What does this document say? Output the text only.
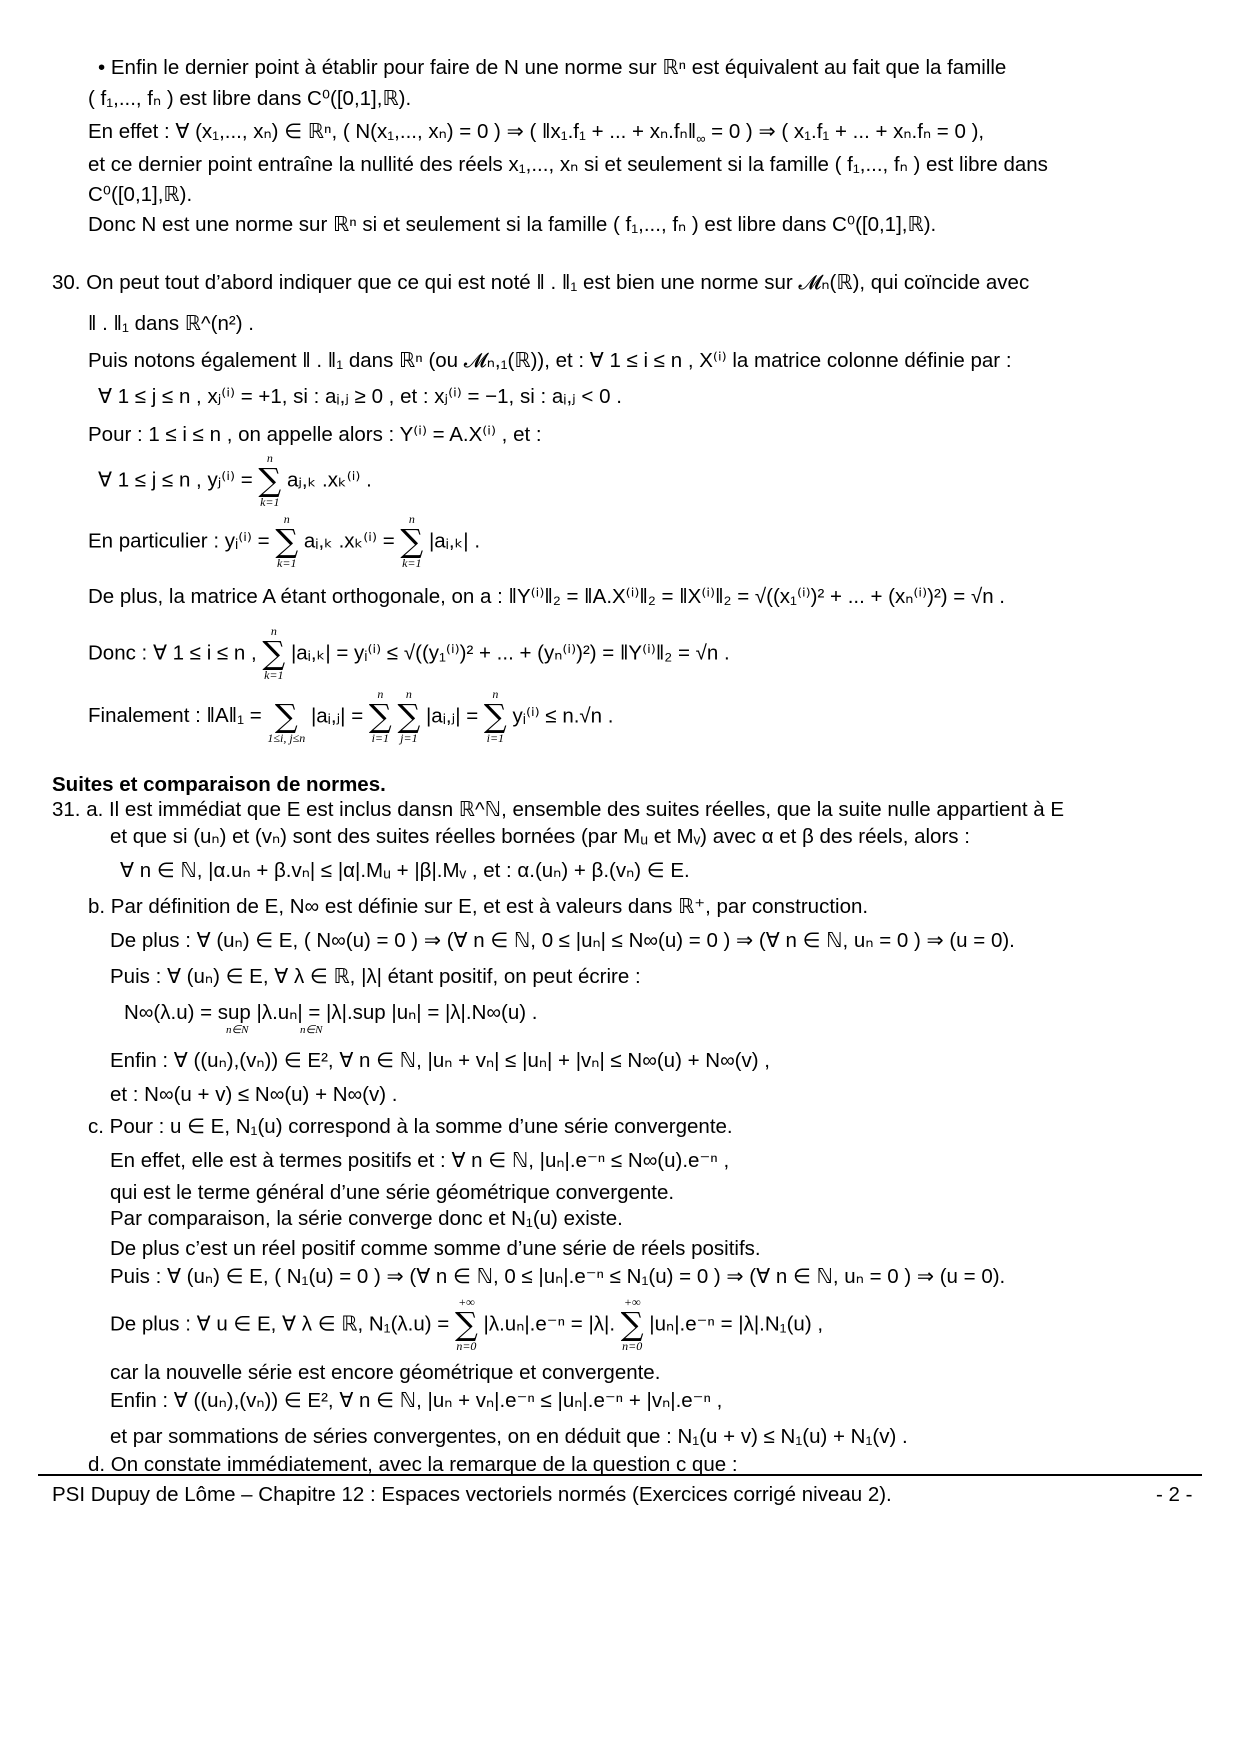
• Enfin le dernier point à établir pour faire de N une norme sur ℝⁿ est équivalent au fait que la famille
( f₁,..., fₙ ) est libre dans C⁰([0,1],ℝ).
En effet : ∀ (x₁,..., xₙ) ∈ ℝⁿ, ( N(x₁,..., xₙ) = 0 ) ⇒ ( ‖x₁.f₁ + ... + $x_n.f_n‖_\infty = 0$ ) ⇒ ( x₁.f₁ + ... + xₙ.fₙ = 0 ),
et ce dernier point entraîne la nullité des réels x₁,..., xₙ si et seulement si la famille ( f₁,..., fₙ ) est libre dans
C⁰([0,1],ℝ).
Donc N est une norme sur ℝⁿ si et seulement si la famille ( f₁,..., fₙ ) est libre dans C⁰([0,1],ℝ).
30. On peut tout d’abord indiquer que ce qui est noté ‖ . ‖₁ est bien une norme sur 𝓜ₙ(ℝ), qui coïncide avec
‖ . ‖₁ dans ℝ^(n²) .
Puis notons également ‖ . ‖₁ dans ℝⁿ (ou 𝓜ₙ,₁(ℝ)), et : ∀ 1 ≤ i ≤ n , X⁽ⁱ⁾ la matrice colonne définie par :
∀ 1 ≤ j ≤ n , xⱼ⁽ⁱ⁾ = +1, si : aᵢ,ⱼ ≥ 0 , et : xⱼ⁽ⁱ⁾ = −1, si : aᵢ,ⱼ < 0 .
Pour : 1 ≤ i ≤ n , on appelle alors : Y⁽ⁱ⁾ = A.X⁽ⁱ⁾ , et :
∀ 1 ≤ j ≤ n , yⱼ⁽ⁱ⁾ =
n
∑
k=1
aⱼ,ₖ .xₖ⁽ⁱ⁾ .
En particulier : yᵢ⁽ⁱ⁾ =
n
∑
k=1
aᵢ,ₖ .xₖ⁽ⁱ⁾ =
n
∑
k=1
|aᵢ,ₖ| .
De plus, la matrice A étant orthogonale, on a : ‖Y⁽ⁱ⁾‖₂ = ‖A.X⁽ⁱ⁾‖₂ = ‖X⁽ⁱ⁾‖₂ = √((x₁⁽ⁱ⁾)² + ... + (xₙ⁽ⁱ⁾)²) = √n .
Donc : ∀ 1 ≤ i ≤ n ,
n
∑
k=1
|aᵢ,ₖ| = yᵢ⁽ⁱ⁾ ≤ √((y₁⁽ⁱ⁾)² + ... + (yₙ⁽ⁱ⁾)²) = ‖Y⁽ⁱ⁾‖₂ = √n .
Finalement : ‖A‖₁ =
∑
1≤i, j≤n
|aᵢ,ⱼ| =
n
∑
i=1

n
∑
j=1
|aᵢ,ⱼ| =
n
∑
i=1
yᵢ⁽ⁱ⁾ ≤ n.√n .
Suites et comparaison de normes.
31. a. Il est immédiat que E est inclus dansn ℝ^ℕ, ensemble des suites réelles, que la suite nulle appartient à E
et que si (uₙ) et (vₙ) sont des suites réelles bornées (par Mᵤ et Mᵥ) avec α et β des réels, alors :
∀ n ∈ ℕ, |α.uₙ + β.vₙ| ≤ |α|.Mᵤ + |β|.Mᵥ , et : α.(uₙ) + β.(vₙ) ∈ E.
b. Par définition de E, N∞ est définie sur E, et est à valeurs dans ℝ⁺, par construction.
De plus : ∀ (uₙ) ∈ E, ( N∞(u) = 0 ) ⇒ (∀ n ∈ ℕ, 0 ≤ |uₙ| ≤ N∞(u) = 0 ) ⇒ (∀ n ∈ ℕ, uₙ = 0 ) ⇒ (u = 0).
Puis : ∀ (uₙ) ∈ E, ∀ λ ∈ ℝ, |λ| étant positif, on peut écrire :
N∞(λ.u) = sup |λ.uₙ| = |λ|.sup |uₙ| = |λ|.N∞(u) .
n∈N	n∈N
Enfin : ∀ ((uₙ),(vₙ)) ∈ E², ∀ n ∈ ℕ, |uₙ + vₙ| ≤ |uₙ| + |vₙ| ≤ N∞(u) + N∞(v) ,
et : N∞(u + v) ≤ N∞(u) + N∞(v) .
c. Pour : u ∈ E, N₁(u) correspond à la somme d’une série convergente.
En effet, elle est à termes positifs et : ∀ n ∈ ℕ, |uₙ|.e⁻ⁿ ≤ N∞(u).e⁻ⁿ ,
qui est le terme général d’une série géométrique convergente.
Par comparaison, la série converge donc et N₁(u) existe.
De plus c’est un réel positif comme somme d’une série de réels positifs.
Puis : ∀ (uₙ) ∈ E, ( N₁(u) = 0 ) ⇒ (∀ n ∈ ℕ, 0 ≤ |uₙ|.e⁻ⁿ ≤ N₁(u) = 0 ) ⇒ (∀ n ∈ ℕ, uₙ = 0 ) ⇒ (u = 0).
De plus : ∀ u ∈ E, ∀ λ ∈ ℝ, N₁(λ.u) =
+∞
∑
n=0
|λ.uₙ|.e⁻ⁿ = |λ|.
+∞
∑
n=0
|uₙ|.e⁻ⁿ = |λ|.N₁(u) ,
car la nouvelle série est encore géométrique et convergente.
Enfin : ∀ ((uₙ),(vₙ)) ∈ E², ∀ n ∈ ℕ, |uₙ + vₙ|.e⁻ⁿ ≤ |uₙ|.e⁻ⁿ + |vₙ|.e⁻ⁿ ,
et par sommations de séries convergentes, on en déduit que : N₁(u + v) ≤ N₁(u) + N₁(v) .
d. On constate immédiatement, avec la remarque de la question c que :
PSI Dupuy de Lôme – Chapitre 12 : Espaces vectoriels normés (Exercices corrigé niveau 2).	- 2 -
